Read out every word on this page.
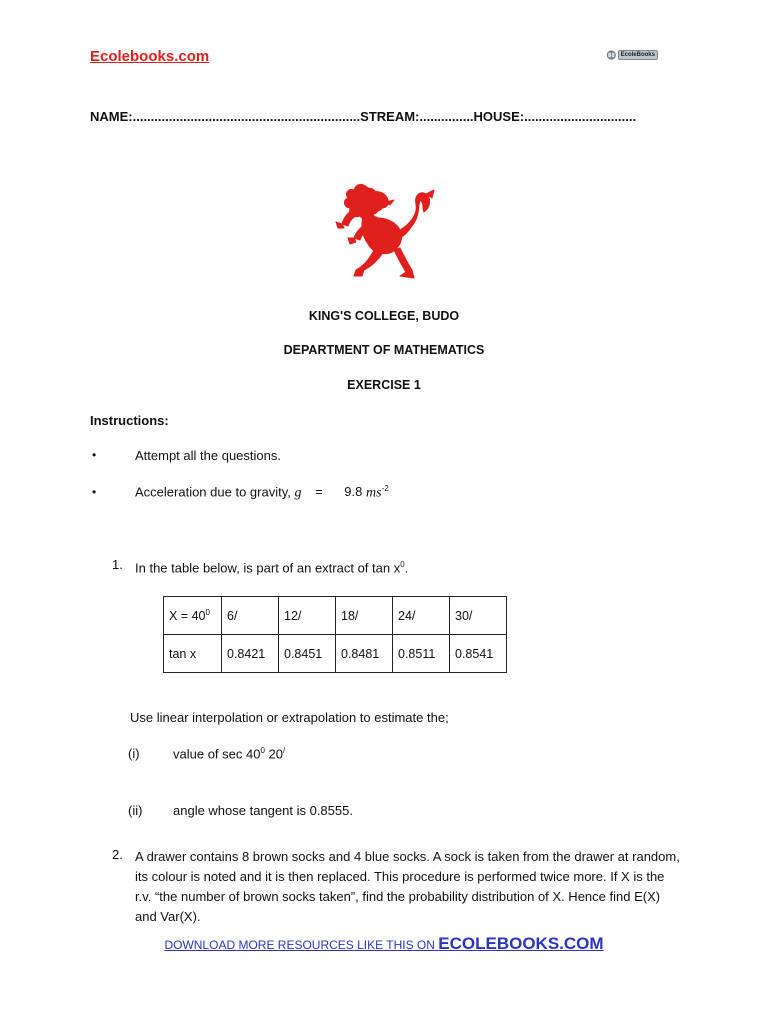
Ecolebooks.com	EcoleBooks
NAME:...............................................................STREAM:...............HOUSE:...............................
KING'S COLLEGE, BUDO
DEPARTMENT OF MATHEMATICS
EXERCISE 1
Instructions:
•	Attempt all the questions.
•	Acceleration due to gravity, g = 9.8 $ms^{-2}$
1. In the table below, is part of an extract of $\tan x^0$.
$X = 40^0$	6/	12/	18/	24/	30/
tan x	0.8421	0.8451	0.8481	0.8511	0.8541
Use linear interpolation or extrapolation to estimate the;
(i)	value of $\sec 40^0$ 20/
(ii) angle whose tangent is 0.8555.
2. A drawer contains 8 brown socks and 4 blue socks. A sock is taken from the drawer at random, its colour is noted and it is then replaced. This procedure is performed twice more. If X is the r.v. “the number of brown socks taken”, find the probability distribution of X. Hence find E(X) and Var(X).
DOWNLOAD MORE RESOURCES LIKE THIS ON ECOLEBOOKS.COM
